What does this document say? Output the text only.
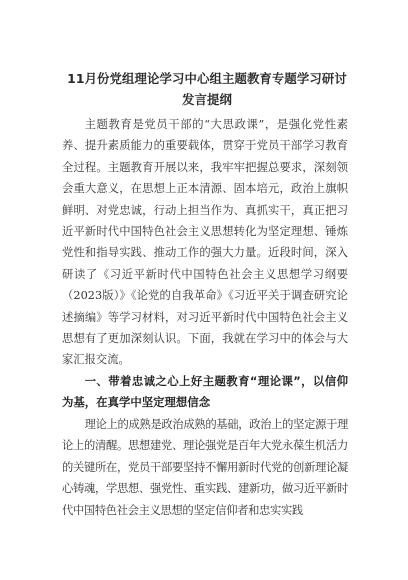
11月份党组理论学习中心组主题教育专题学习研讨发言提纲

主题教育是党员干部的“大思政课”，是强化党性素养、提升素质能力的重要载体，贯穿于党员干部学习教育全过程。主题教育开展以来，我牢牢把握总要求，深刻领会重大意义，在思想上正本清源、固本培元，政治上旗帜鲜明、对党忠诚，行动上担当作为、真抓实干，真正把习近平新时代中国特色社会主义思想转化为坚定理想、锤炼党性和指导实践、推动工作的强大力量。近段时间，深入研读了《习近平新时代中国特色社会主义思想学习纲要（2023版）》《论党的自我革命》《习近平关于调查研究论述摘编》等学习材料，对习近平新时代中国特色社会主义思想有了更加深刻认识。下面，我就在学习中的体会与大家汇报交流。

一、带着忠诚之心上好主题教育“理论课”，以信仰为基，在真学中坚定理想信念

理论上的成熟是政治成熟的基础，政治上的坚定源于理论上的清醒。思想建党、理论强党是百年大党永葆生机活力的关键所在，党员干部要坚持不懈用新时代党的创新理论凝心铸魂，学思想、强党性、重实践、建新功，做习近平新时代中国特色社会主义思想的坚定信仰者和忠实实践
